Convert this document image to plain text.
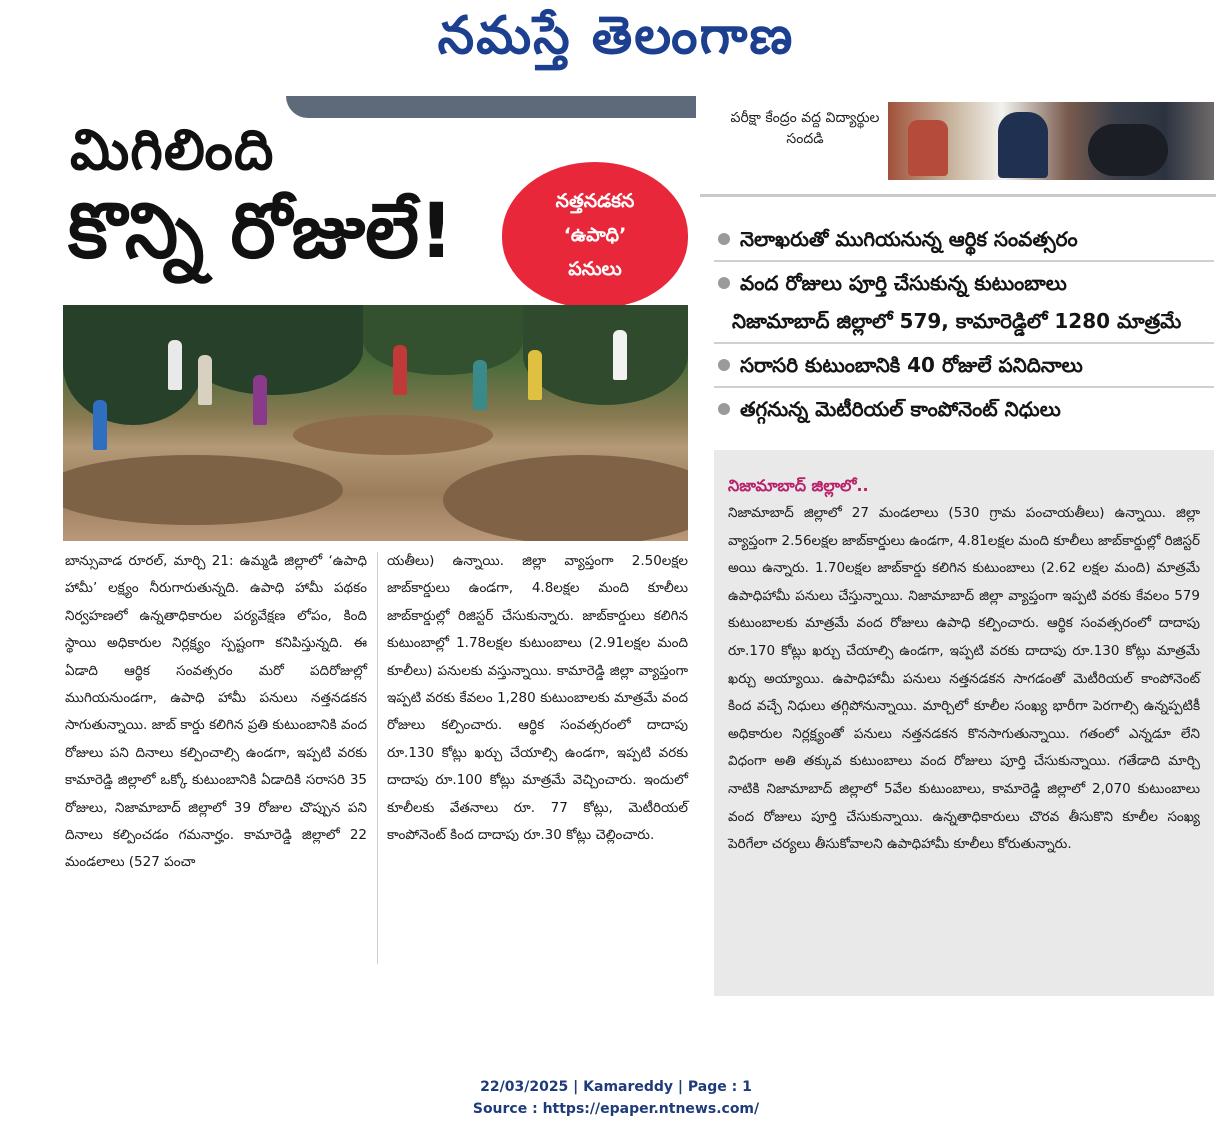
నమస్తే తెలంగాణ
పరీక్షా కేంద్రం వద్ద విద్యార్థుల సందడి
మిగిలింది
కొన్ని రోజులే!	నత్తనడకన
‘ఉపాధి’
పనులు
నెలాఖరుతో ముగియనున్న ఆర్థిక సంవత్సరం
వంద రోజులు పూర్తి చేసుకున్న కుటుంబాలు
నిజామాబాద్ జిల్లాలో 579, కామారెడ్డిలో 1280 మాత్రమే
సరాసరి కుటుంబానికి 40 రోజులే పనిదినాలు
తగ్గనున్న మెటీరియల్ కాంపోనెంట్ నిధులు

బాన్సువాడ రూరల్, మార్చి 21: ఉమ్మడి జిల్లాలో ‘ఉపాధి హామీ’ లక్ష్యం నీరుగారుతున్నది. ఉపాధి హామీ పథకం నిర్వహణలో ఉన్నతాధికారుల పర్యవేక్షణ లోపం, కింది స్థాయి అధికారుల నిర్లక్ష్యం స్పష్టంగా కనిపిస్తున్నది. ఈ ఏడాది ఆర్థిక సంవత్సరం మరో పదిరోజుల్లో ముగియనుండగా, ఉపాధి హామీ పనులు నత్తనడకన సాగుతున్నాయి. జాబ్ కార్డు కలిగిన ప్రతి కుటుంబానికి వంద రోజులు పని దినాలు కల్పించాల్సి ఉండగా, ఇప్పటి వరకు కామారెడ్డి జిల్లాలో ఒక్కో కుటుంబానికి ఏడాదికి సరాసరి 35 రోజులు, నిజామాబాద్ జిల్లాలో 39 రోజుల చొప్పున పని దినాలు కల్పించడం గమనార్హం. కామారెడ్డి జిల్లాలో 22 మండలాలు (527 పంచా

యతీలు) ఉన్నాయి. జిల్లా వ్యాప్తంగా 2.50లక్షల జాబ్‌కార్డులు ఉండగా, 4.8లక్షల మంది కూలీలు జాబ్‌కార్డుల్లో రిజిస్టర్ చేసుకున్నారు. జాబ్‌కార్డులు కలిగిన కుటుంబాల్లో 1.78లక్షల కుటుంబాలు (2.91లక్షల మంది కూలీలు) పనులకు వస్తున్నాయి. కామారెడ్డి జిల్లా వ్యాప్తంగా ఇప్పటి వరకు కేవలం 1,280 కుటుంబాలకు మాత్రమే వంద రోజులు కల్పించారు. ఆర్థిక సంవత్సరంలో దాదాపు రూ.130 కోట్లు ఖర్చు చేయాల్సి ఉండగా, ఇప్పటి వరకు దాదాపు రూ.100 కోట్లు మాత్రమే వెచ్చించారు. ఇందులో కూలీలకు వేతనాలు రూ. 77 కోట్లు, మెటీరియల్ కాంపోనెంట్ కింద దాదాపు రూ.30 కోట్లు చెల్లించారు.

నిజామాబాద్ జిల్లాలో..
నిజామాబాద్ జిల్లాలో 27 మండలాలు (530 గ్రామ పంచాయతీలు) ఉన్నాయి. జిల్లా వ్యాప్తంగా 2.56లక్షల జాబ్‌కార్డులు ఉండగా, 4.81లక్షల మంది కూలీలు జాబ్‌కార్డుల్లో రిజిస్టర్ అయి ఉన్నారు. 1.70లక్షల జాబ్‌కార్డు కలిగిన కుటుంబాలు (2.62 లక్షల మంది) మాత్రమే ఉపాధిహామీ పనులు చేస్తున్నాయి. నిజామాబాద్ జిల్లా వ్యాప్తంగా ఇప్పటి వరకు కేవలం 579 కుటుంబాలకు మాత్రమే వంద రోజులు ఉపాధి కల్పించారు. ఆర్థిక సంవత్సరంలో దాదాపు రూ.170 కోట్లు ఖర్చు చేయాల్సి ఉండగా, ఇప్పటి వరకు దాదాపు రూ.130 కోట్లు మాత్రమే ఖర్చు అయ్యాయి. ఉపాధిహామీ పనులు నత్తనడకన సాగడంతో మెటీరియల్ కాంపోనెంట్ కింద వచ్చే నిధులు తగ్గిపోనున్నాయి. మార్చిలో కూలీల సంఖ్య భారీగా పెరగాల్సి ఉన్నప్పటికీ అధికారుల నిర్లక్ష్యంతో పనులు నత్తనడకన కొనసాగుతున్నాయి. గతంలో ఎన్నడూ లేని విధంగా అతి తక్కువ కుటుంబాలు వంద రోజులు పూర్తి చేసుకున్నాయి. గతేడాది మార్చి నాటికి నిజామాబాద్ జిల్లాలో 5వేల కుటుంబాలు, కామారెడ్డి జిల్లాలో 2,070 కుటుంబాలు వంద రోజులు పూర్తి చేసుకున్నాయి. ఉన్నతాధికారులు చొరవ తీసుకొని కూలీల సంఖ్య పెరిగేలా చర్యలు తీసుకోవాలని ఉపాధిహామీ కూలీలు కోరుతున్నారు.
22/03/2025 | Kamareddy | Page : 1
Source : https://epaper.ntnews.com/
